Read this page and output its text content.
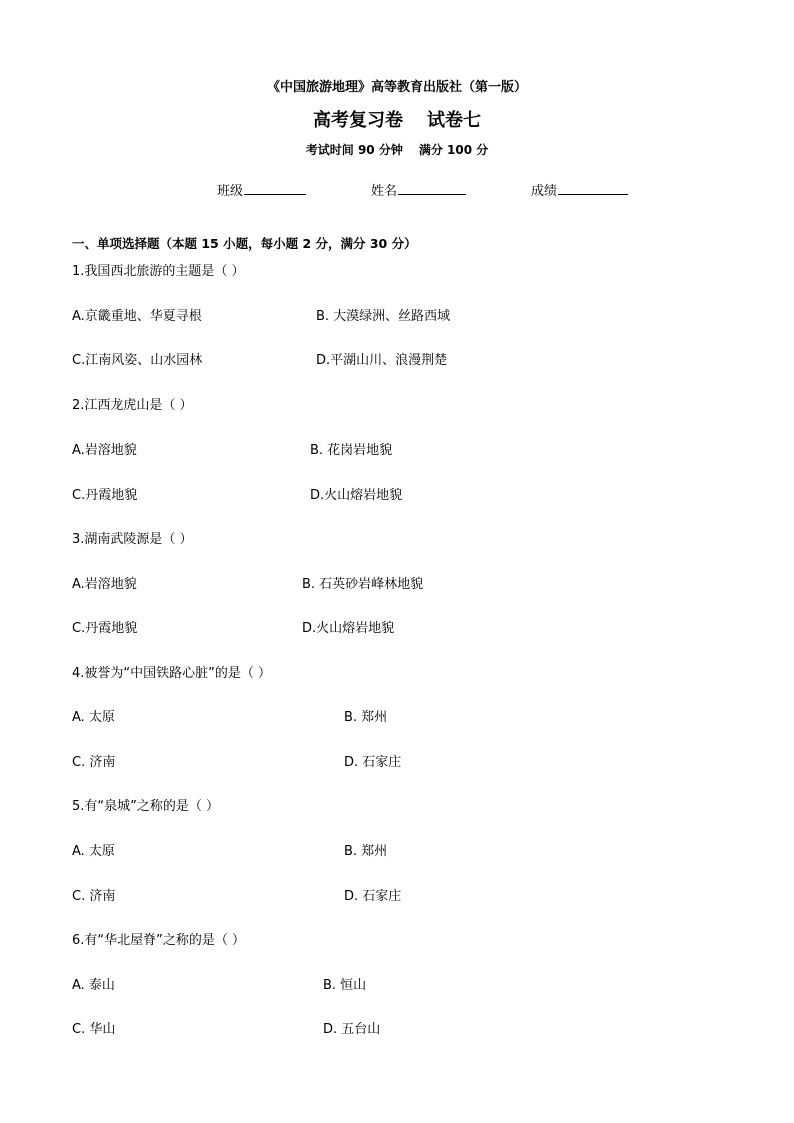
《中国旅游地理》高等教育出版社（第一版）
高考复习卷 试卷七
考试时间 90 分钟 满分 100 分
班级	姓名	成绩
一、单项选择题（本题 15 小题，每小题 2 分，满分 30 分）
1.我国西北旅游的主题是（ ）
A.京畿重地、华夏寻根	B. 大漠绿洲、丝路西域
C.江南风姿、山水园林	D.平湖山川、浪漫荆楚
2.江西龙虎山是（ ）
A.岩溶地貌	B. 花岗岩地貌
C.丹霞地貌	D.火山熔岩地貌
3.湖南武陵源是（ ）
A.岩溶地貌	B. 石英砂岩峰林地貌
C.丹霞地貌	D.火山熔岩地貌
4.被誉为“中国铁路心脏”的是（ ）
A. 太原	B. 郑州
C. 济南	D. 石家庄
5.有“泉城”之称的是（ ）
A. 太原	B. 郑州
C. 济南	D. 石家庄
6.有“华北屋脊”之称的是（ ）
A. 泰山	B. 恒山
C. 华山	D. 五台山
